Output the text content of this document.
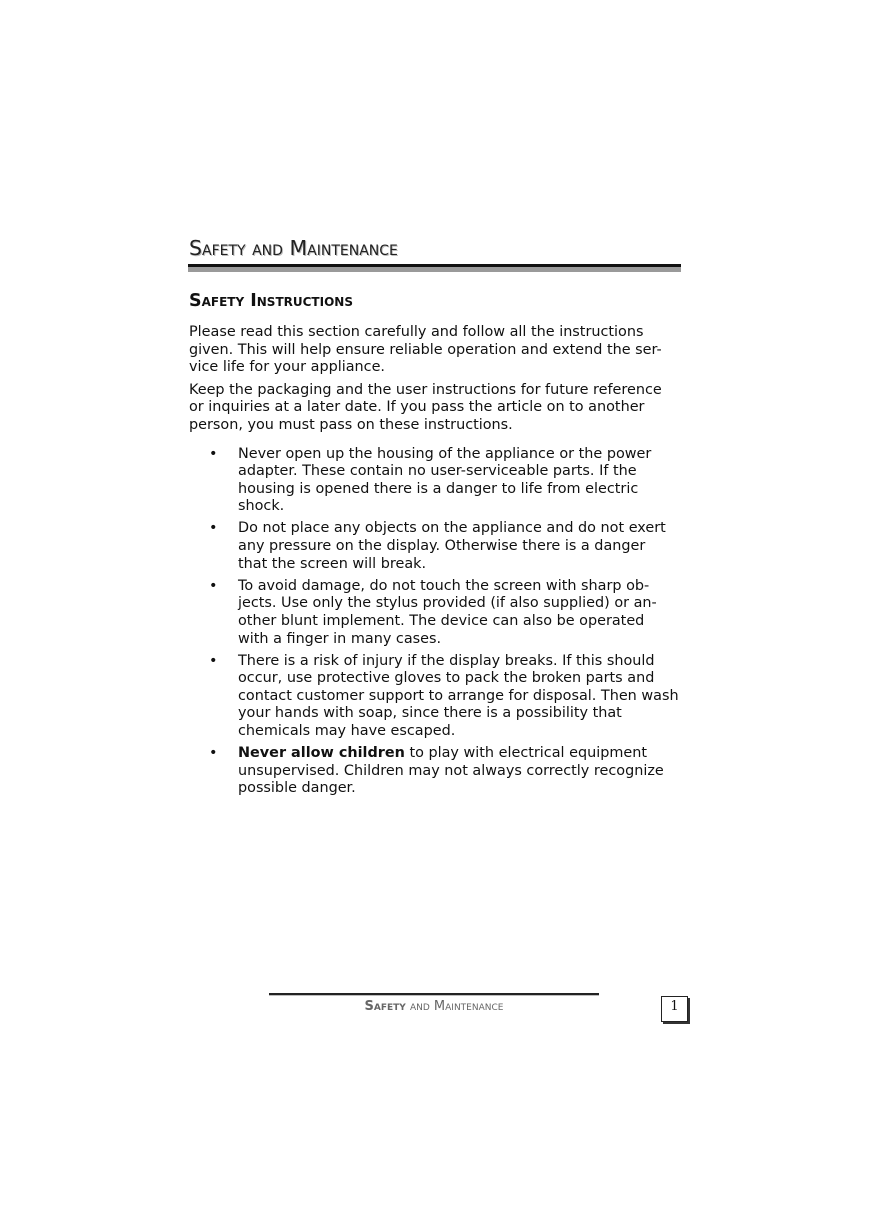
Safety and Maintenance
Safety Instructions

Please read this section carefully and follow all the instructions given. This will help ensure reliable operation and extend the ser-vice life for your appliance.

Keep the packaging and the user instructions for future reference or inquiries at a later date. If you pass the article on to another person, you must pass on these instructions.

• Never open up the housing of the appliance or the power adapter. These contain no user-serviceable parts. If the housing is opened there is a danger to life from electric shock.
• Do not place any objects on the appliance and do not exert any pressure on the display. Otherwise there is a danger that the screen will break.
• To avoid damage, do not touch the screen with sharp ob-jects. Use only the stylus provided (if also supplied) or an-other blunt implement. The device can also be operated with a finger in many cases.
• There is a risk of injury if the display breaks. If this should occur, use protective gloves to pack the broken parts and contact customer support to arrange for disposal. Then wash your hands with soap, since there is a possibility that chemicals may have escaped.
• Never allow children to play with electrical equipment unsupervised. Children may not always correctly recognize possible danger.
Safety and Maintenance	1
